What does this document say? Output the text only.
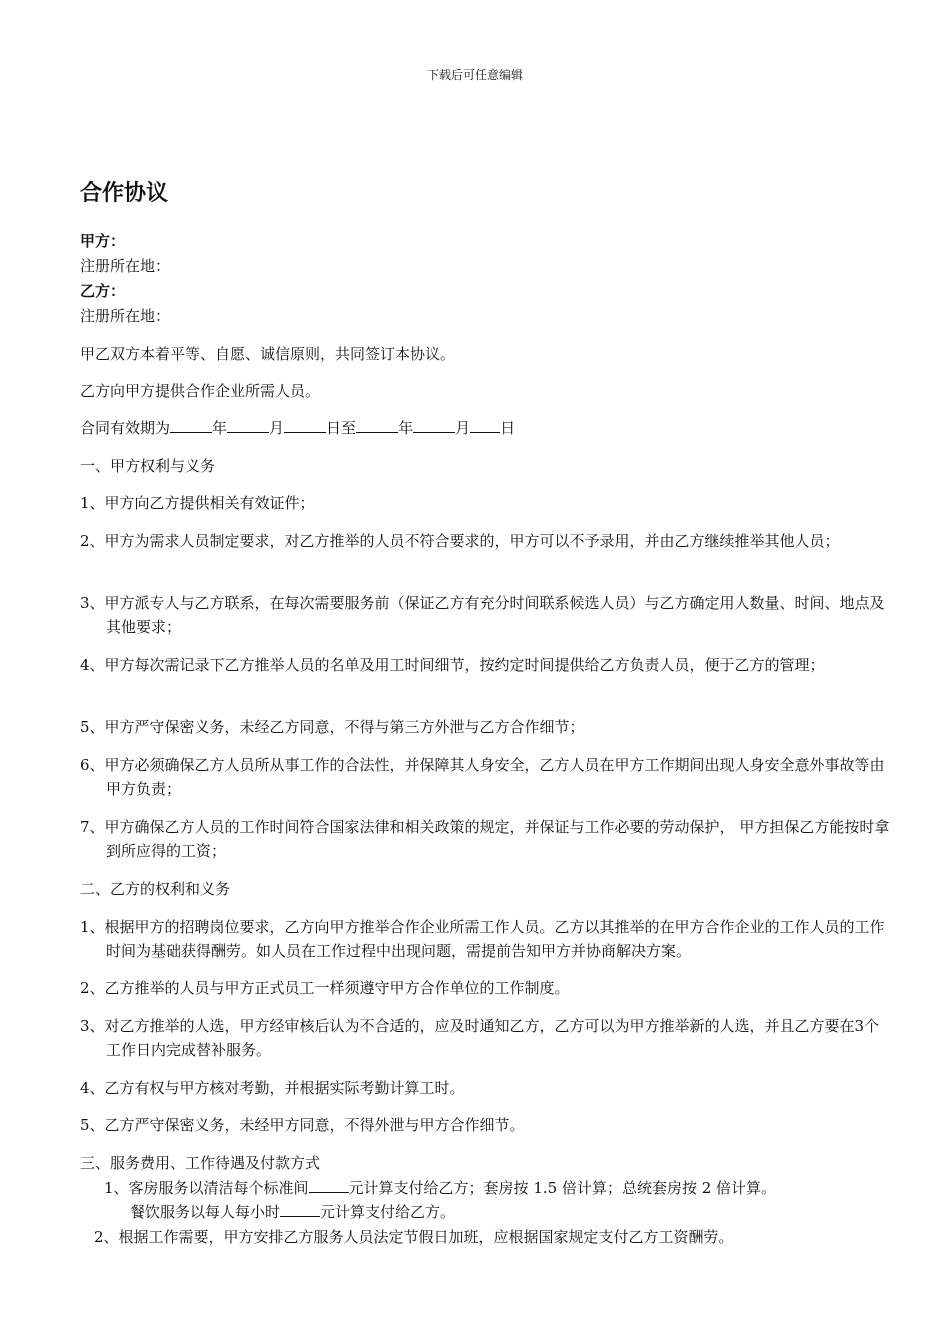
下载后可任意编辑
合作协议
甲方：
注册所在地：
乙方：
注册所在地：
甲乙双方本着平等、自愿、诚信原则，共同签订本协议。
乙方向甲方提供合作企业所需人员。
合同有效期为	年	月	日至	年	月 日
一、甲方权利与义务
1、甲方向乙方提供相关有效证件；
2、甲方为需求人员制定要求，对乙方推举的人员不符合要求的，甲方可以不予录用，并由乙方继续推举其他人员；
3、甲方派专人与乙方联系，在每次需要服务前（保证乙方有充分时间联系候选人员）与乙方确定用人数量、时间、地点及其他要求；
4、甲方每次需记录下乙方推举人员的名单及用工时间细节，按约定时间提供给乙方负责人员，便于乙方的管理；
5、甲方严守保密义务，未经乙方同意，不得与第三方外泄与乙方合作细节；
6、甲方必须确保乙方人员所从事工作的合法性，并保障其人身安全，乙方人员在甲方工作期间出现人身安全意外事故等由甲方负责；
7、甲方确保乙方人员的工作时间符合国家法律和相关政策的规定，并保证与工作必要的劳动保护， 甲方担保乙方能按时拿到所应得的工资；
二、乙方的权利和义务
1、根据甲方的招聘岗位要求，乙方向甲方推举合作企业所需工作人员。乙方以其推举的在甲方合作企业的工作人员的工作时间为基础获得酬劳。如人员在工作过程中出现问题，需提前告知甲方并协商解决方案。
2、乙方推举的人员与甲方正式员工一样须遵守甲方合作单位的工作制度。
3、对乙方推举的人选，甲方经审核后认为不合适的，应及时通知乙方，乙方可以为甲方推举新的人选，并且乙方要在3个工作日内完成替补服务。
4、乙方有权与甲方核对考勤，并根据实际考勤计算工时。
5、乙方严守保密义务，未经甲方同意，不得外泄与甲方合作细节。
三、服务费用、工作待遇及付款方式
1、客房服务以清洁每个标准间	元计算支付给乙方；套房按 1.5 倍计算；总统套房按 2 倍计算。
餐饮服务以每人每小时	元计算支付给乙方。
2、根据工作需要，甲方安排乙方服务人员法定节假日加班，应根据国家规定支付乙方工资酬劳。
